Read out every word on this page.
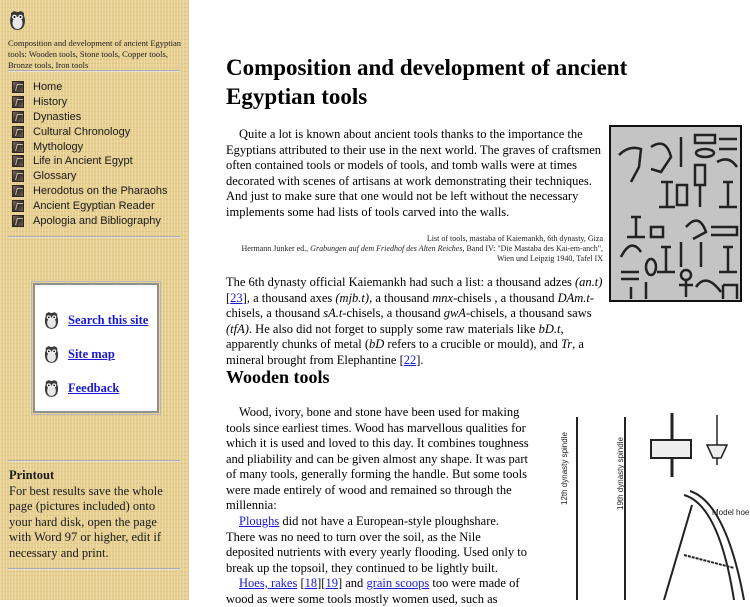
Composition and development of ancient Egyptian tools: Wooden tools, Stone tools, Copper tools, Bronze tools, Iron tools
Home
History
Dynasties
Cultural Chronology
Mythology
Life in Ancient Egypt
Glossary
Herodotus on the Pharaohs
Ancient Egyptian Reader
Apologia and Bibliography
Search this site
Site map
Feedback
Printout
For best results save the whole page (pictures included) onto your hard disk, open the page with Word 97 or higher, edit if necessary and print.
Composition and development of ancient Egyptian tools

Quite a lot is known about ancient tools thanks to the importance the Egyptians attributed to their use in the next world. The graves of craftsmen often contained tools or models of tools, and tomb walls were at times decorated with scenes of artisans at work demonstrating their techniques. And just to make sure that one would not be left without the necessary implements some had lists of tools carved into the walls.

List of tools, mastaba of Kaiemankh, 6th dynasty, Giza
Hermann Junker ed., Grabungen auf dem Friedhof des Alten Reiches, Band IV: "Die Mastaba des Kai-em-anch", Wien und Leipzig 1940, Tafel IX

The 6th dynasty official Kaiemankh had such a list: a thousand adzes (an.t) [23], a thousand axes (mjb.t), a thousand mnx-chisels , a thousand DAm.t-chisels, a thousand sA.t-chisels, a thousand gwA-chisels, a thousand saws (tfA). He also did not forget to supply some raw materials like bD.t, apparently chunks of metal (bD refers to a crucible or mould), and Tr, a mineral brought from Elephantine [22].

Wooden tools

Wood, ivory, bone and stone have been used for making tools since earliest times. Wood has marvellous qualities for which it is used and loved to this day. It combines toughness and pliability and can be given almost any shape. It was part of many tools, generally forming the handle. But some tools were made entirely of wood and remained so through the millennia:

Ploughs did not have a European-style ploughshare. There was no need to turn over the soil, as the Nile deposited nutrients with every yearly flooding. Used only to break up the topsoil, they continued to be lightly built.

Hoes, rakes [18][19] and grain scoops too were made of wood as were some tools mostly women used, such as

12th dynasty spindle	19th dynasty spindle
Model hoe
